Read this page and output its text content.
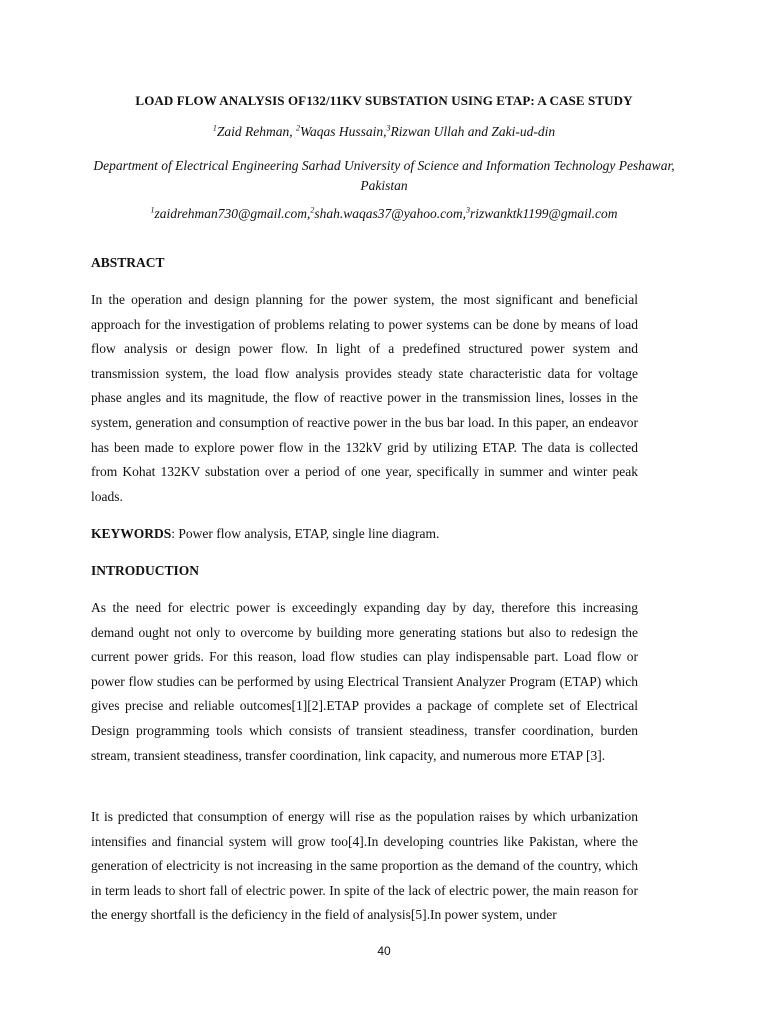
LOAD FLOW ANALYSIS OF132/11KV SUBSTATION USING ETAP: A CASE STUDY
$^1$Zaid Rehman, $^2$Waqas Hussain,$^3$Rizwan Ullah and Zaki-ud-din
Department of Electrical Engineering Sarhad University of Science and Information Technology Peshawar, Pakistan
$^1$zaidrehman730@gmail.com,$^2$shah.waqas37@yahoo.com,$^3$rizwanktk1199@gmail.com
ABSTRACT

In the operation and design planning for the power system, the most significant and beneficial approach for the investigation of problems relating to power systems can be done by means of load flow analysis or design power flow. In light of a predefined structured power system and transmission system, the load flow analysis provides steady state characteristic data for voltage phase angles and its magnitude, the flow of reactive power in the transmission lines, losses in the system, generation and consumption of reactive power in the bus bar load. In this paper, an endeavor has been made to explore power flow in the 132kV grid by utilizing ETAP. The data is collected from Kohat 132KV substation over a period of one year, specifically in summer and winter peak loads.

KEYWORDS: Power flow analysis, ETAP, single line diagram.
INTRODUCTION

As the need for electric power is exceedingly expanding day by day, therefore this increasing demand ought not only to overcome by building more generating stations but also to redesign the current power grids. For this reason, load flow studies can play indispensable part. Load flow or power flow studies can be performed by using Electrical Transient Analyzer Program (ETAP) which gives precise and reliable outcomes[1][2].ETAP provides a package of complete set of Electrical Design programming tools which consists of transient steadiness, transfer coordination, burden stream, transient steadiness, transfer coordination, link capacity, and numerous more ETAP [3].

It is predicted that consumption of energy will rise as the population raises by which urbanization intensifies and financial system will grow too[4].In developing countries like Pakistan, where the generation of electricity is not increasing in the same proportion as the demand of the country, which in term leads to short fall of electric power. In spite of the lack of electric power, the main reason for the energy shortfall is the deficiency in the field of analysis[5].In power system, under

40
